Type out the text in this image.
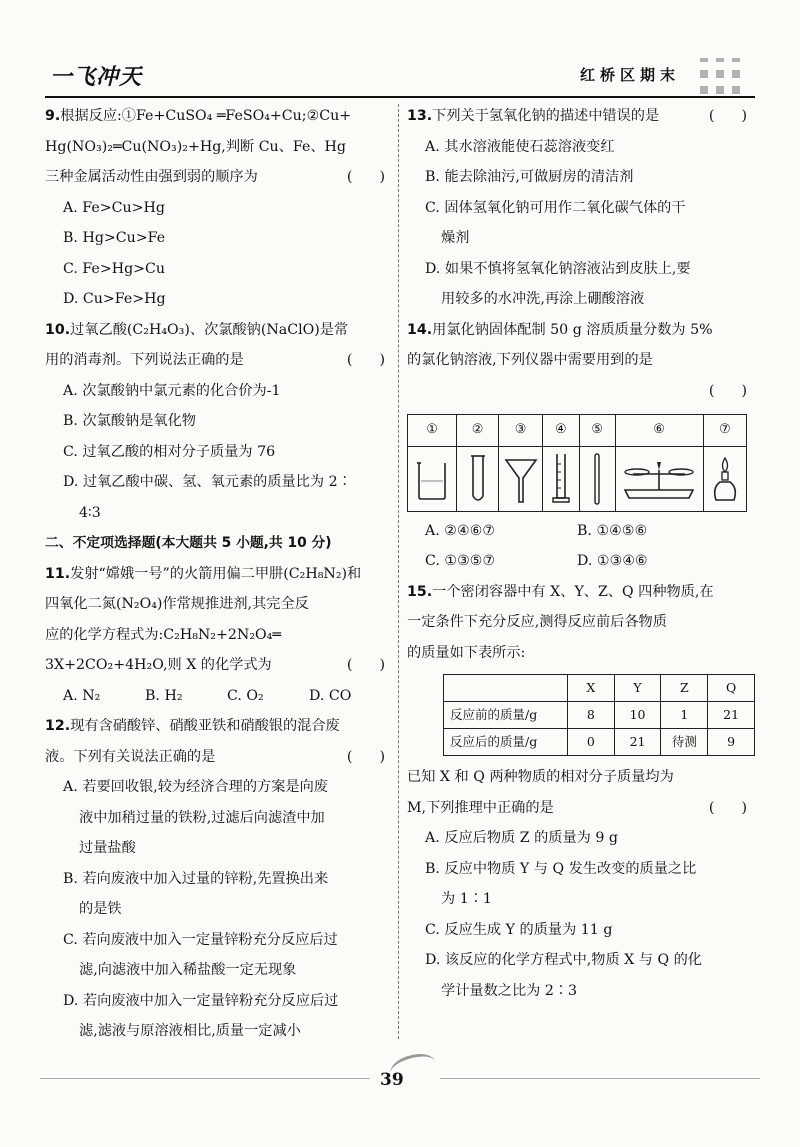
一飞冲天	红桥区期末

9.根据反应:①Fe+CuSO₄ ═FeSO₄+Cu;②Cu+

Hg(NO₃)₂═Cu(NO₃)₂+Hg,判断 Cu、Fe、Hg

三种金属活动性由强到弱的顺序为	(      )

A. Fe>Cu>Hg

B. Hg>Cu>Fe

C. Fe>Hg>Cu

D. Cu>Fe>Hg

10.过氧乙酸(C₂H₄O₃)、次氯酸钠(NaClO)是常

用的消毒剂。下列说法正确的是	(      )

A. 次氯酸钠中氯元素的化合价为-1

B. 次氯酸钠是氧化物

C. 过氧乙酸的相对分子质量为 76

D. 过氧乙酸中碳、氢、氧元素的质量比为 2∶

4∶3

二、不定项选择题(本大题共 5 小题,共 10 分)

11.发射“嫦娥一号”的火箭用偏二甲肼(C₂H₈N₂)和

四氧化二氮(N₂O₄)作常规推进剂,其完全反

应的化学方程式为:C₂H₈N₂+2N₂O₄═

3X+2CO₂+4H₂O,则 X 的化学式为	(      )

A. N₂	B. H₂	C. O₂	D. CO

12.现有含硝酸锌、硝酸亚铁和硝酸银的混合废

液。下列有关说法正确的是	(      )

A. 若要回收银,较为经济合理的方案是向废

液中加稍过量的铁粉,过滤后向滤渣中加

过量盐酸

B. 若向废液中加入过量的锌粉,先置换出来

的是铁

C. 若向废液中加入一定量锌粉充分反应后过

滤,向滤液中加入稀盐酸一定无现象

D. 若向废液中加入一定量锌粉充分反应后过

滤,滤液与原溶液相比,质量一定减小

13.下列关于氢氧化钠的描述中错误的是	(      )

A. 其水溶液能使石蕊溶液变红

B. 能去除油污,可做厨房的清洁剂

C. 固体氢氧化钠可用作二氧化碳气体的干

燥剂

D. 如果不慎将氢氧化钠溶液沾到皮肤上,要

用较多的水冲洗,再涂上硼酸溶液

14.用氯化钠固体配制 50 g 溶质质量分数为 5%

的氯化钠溶液,下列仪器中需要用到的是

(      )

①	②	③	④	⑤	⑥	⑦

A. ②④⑥⑦	B. ①④⑤⑥

C. ①③⑤⑦	D. ①③④⑥

15.一个密闭容器中有 X、Y、Z、Q 四种物质,在

一定条件下充分反应,测得反应前后各物质

的质量如下表所示:

	X	Y	Z	Q
反应前的质量/g	8	10	1	21
反应后的质量/g	0	21	待测	9

已知 X 和 Q 两种物质的相对分子质量均为

M,下列推理中正确的是	(      )

A. 反应后物质 Z 的质量为 9 g

B. 反应中物质 Y 与 Q 发生改变的质量之比

为 1∶1

C. 反应生成 Y 的质量为 11 g

D. 该反应的化学方程式中,物质 X 与 Q 的化

学计量数之比为 2∶3

39
